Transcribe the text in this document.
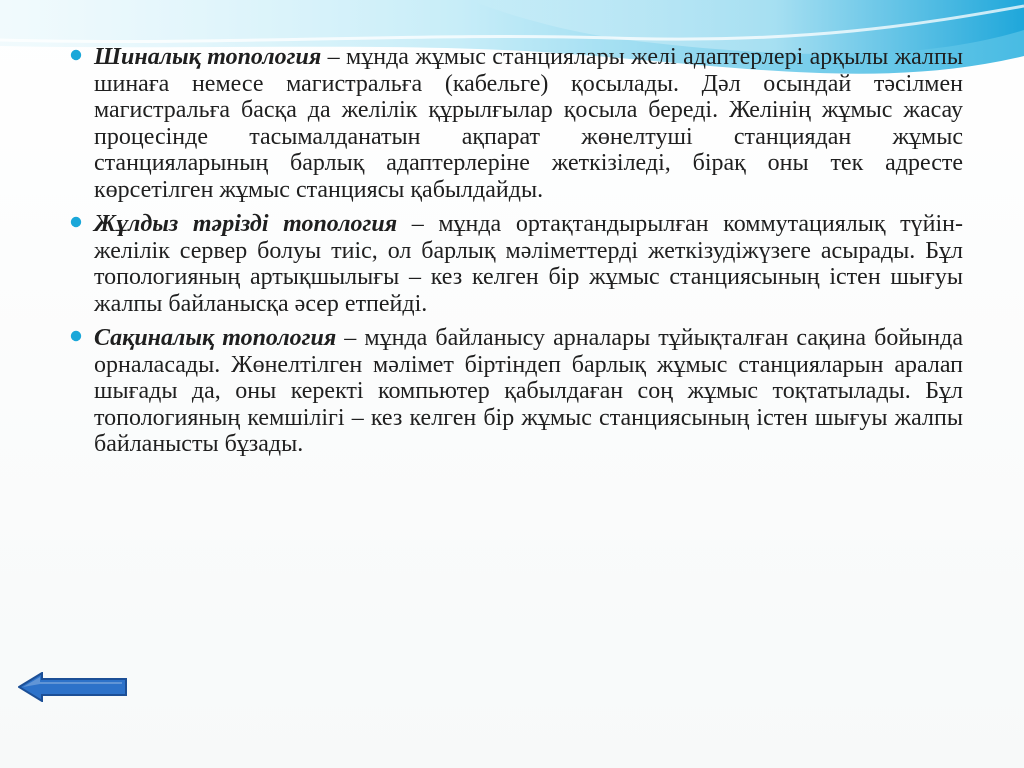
Шиналық топология – мұнда жұмыс станциялары желі адаптерлері арқылы жалпы шинаға немесе магистральға (кабельге) қосылады. Дәл осындай тәсілмен магистральға басқа да желілік құрылғылар қосыла береді. Желінің жұмыс жасау процесінде тасымалданатын ақпарат жөнелтуші станциядан жұмыс станцияларының барлық адаптерлеріне жеткізіледі, бірақ оны тек адресте көрсетілген жұмыс станциясы қабылдайды.
Жұлдыз тәрізді топология – мұнда ортақтандырылған коммутациялық түйін-желілік сервер болуы тиіс, ол барлық мәліметтерді жеткізудіжүзеге асырады. Бұл топологияның артықшылығы – кез келген бір жұмыс станциясының істен шығуы жалпы байланысқа әсер етпейді.
Сақиналық топология – мұнда байланысу арналары тұйықталған сақина бойында орналасады. Жөнелтілген мәлімет біртіндеп барлық жұмыс станцияларын аралап шығады да, оны керекті компьютер қабылдаған соң жұмыс тоқтатылады. Бұл топологияның кемшілігі – кез келген бір жұмыс станциясының істен шығуы жалпы байланысты бұзады.
